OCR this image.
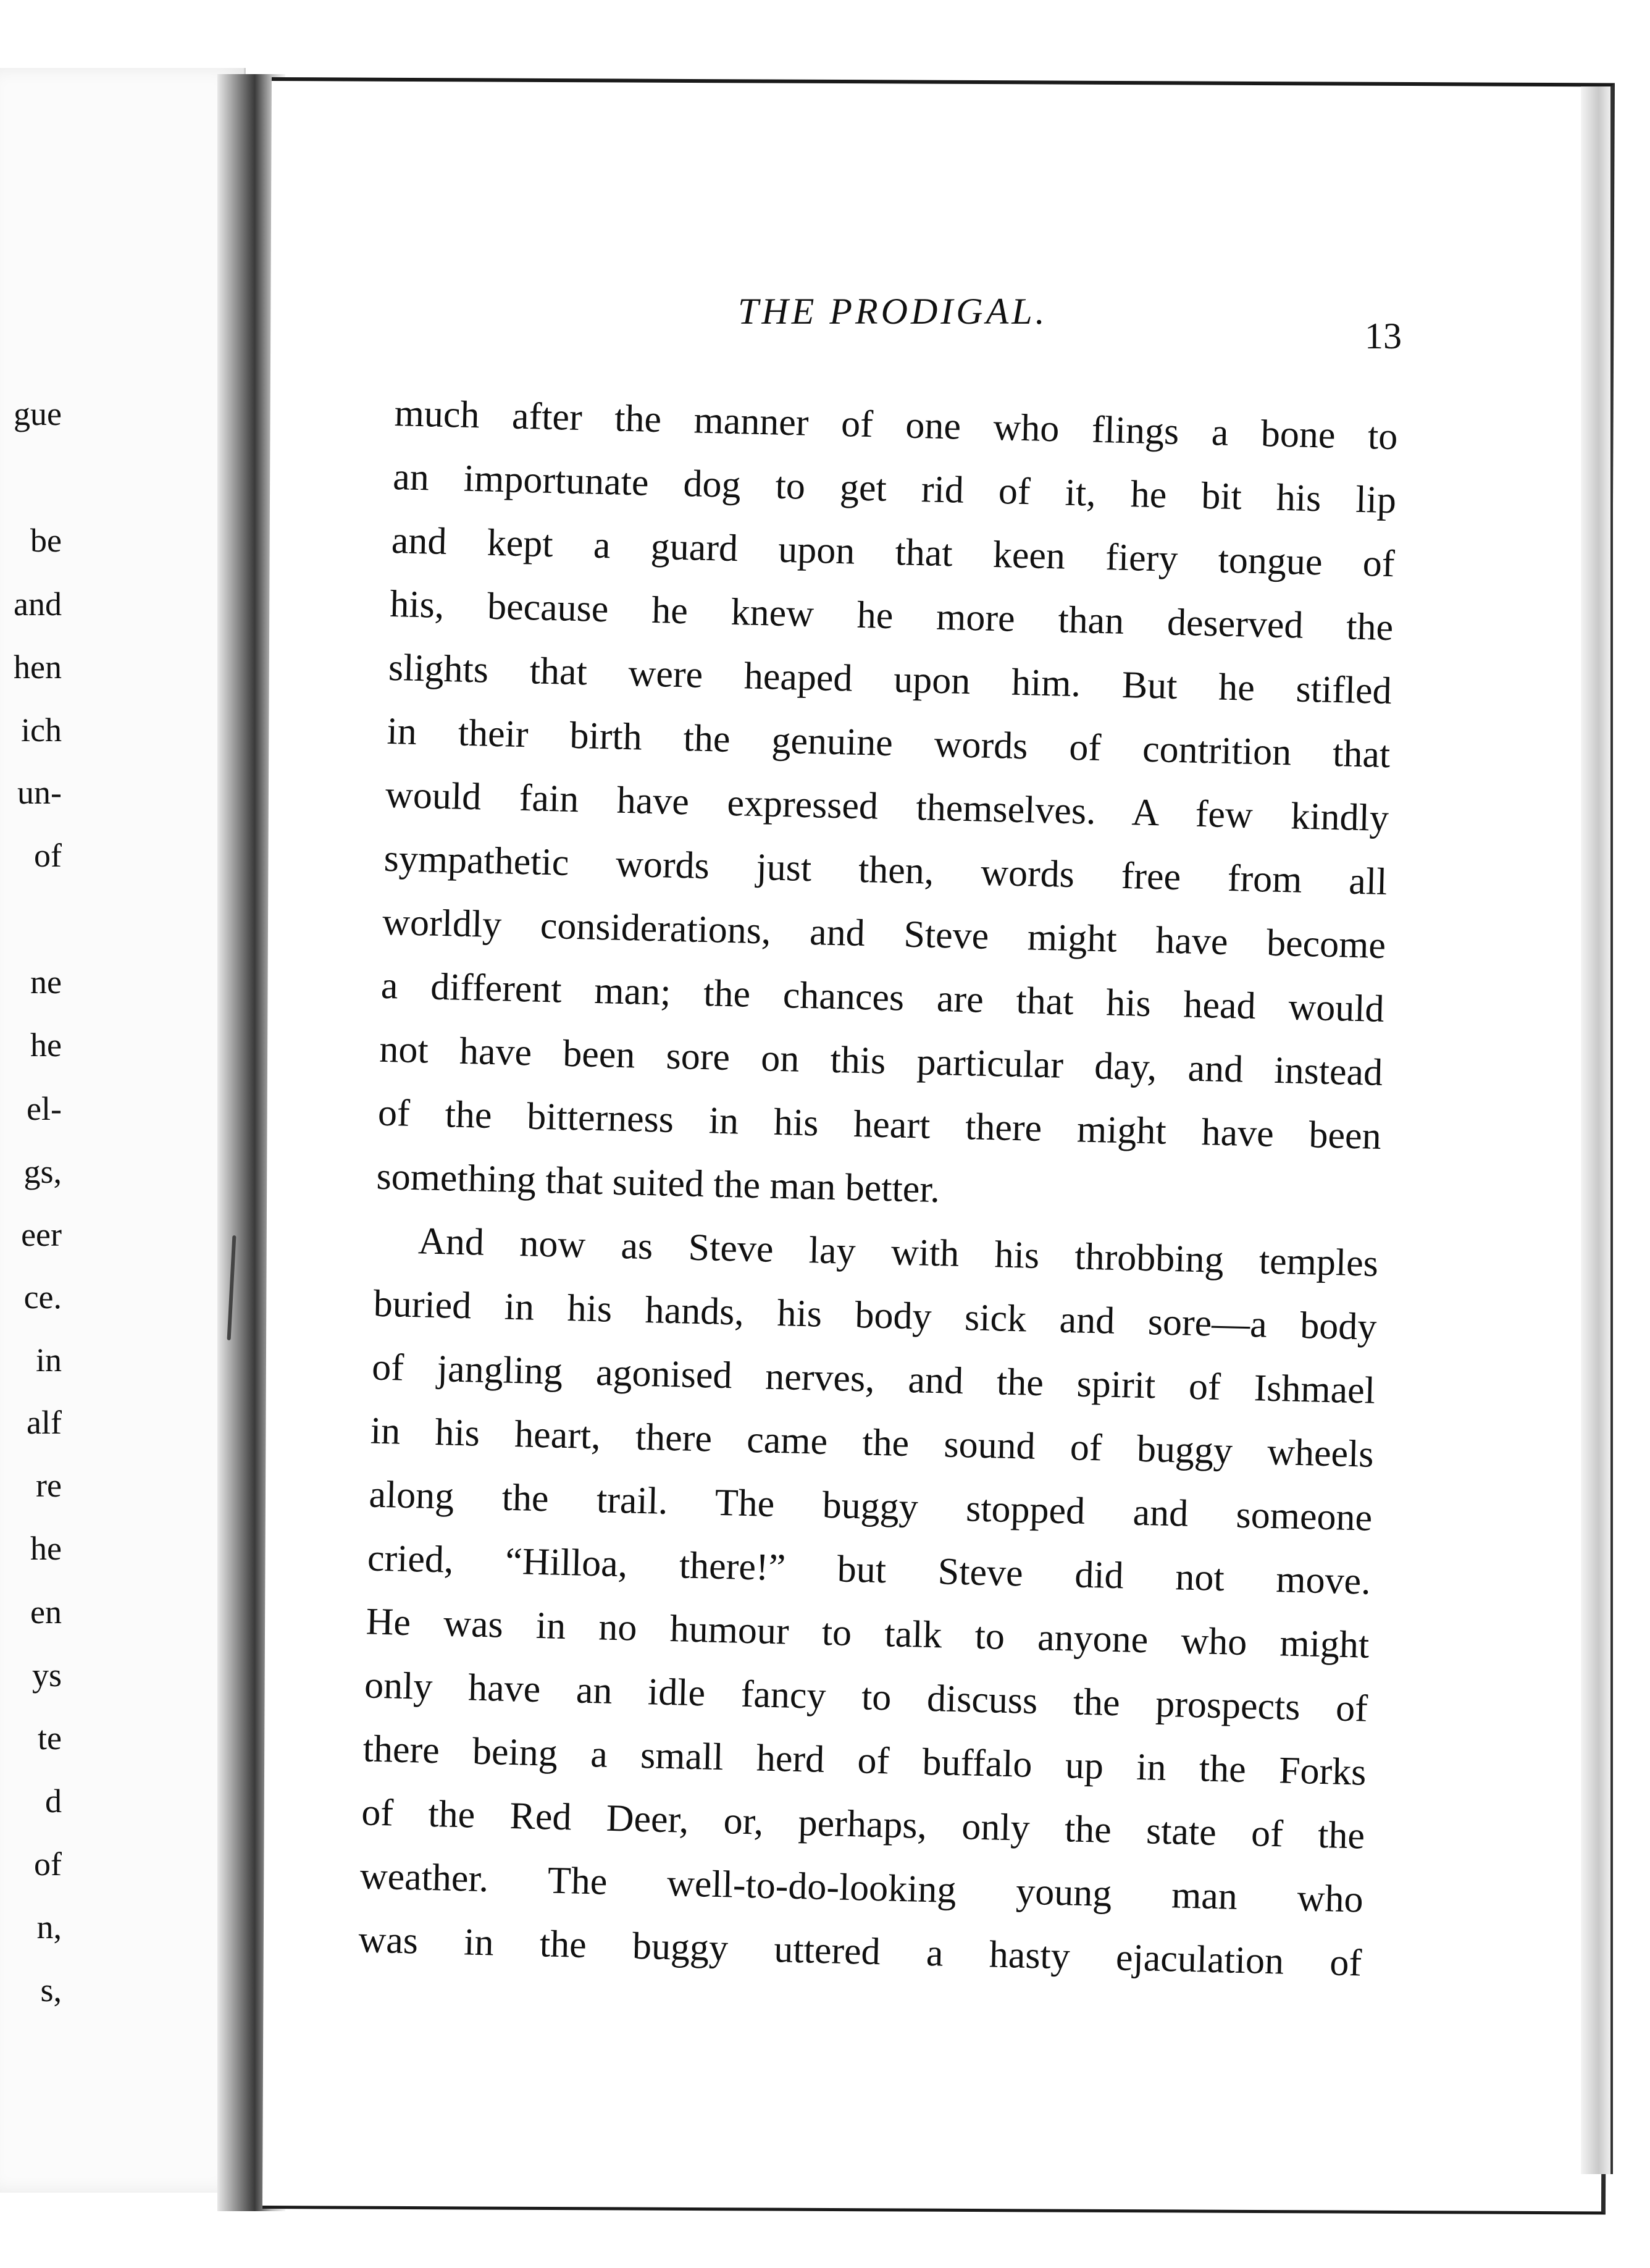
gue
be
and
hen
ich
un-
of
ne
he
el-
gs,
eer
ce.
in
alf
re
he
en
ys
te
d
of
n,
s,
THE PRODIGAL.
13
much after the manner of one who flings a bone to
an importunate dog to get rid of it, he bit his lip
and kept a guard upon that keen fiery tongue of
his, because he knew he more than deserved the
slights that were heaped upon him. But he stifled
in their birth the genuine words of contrition that
would fain have expressed themselves. A few kindly
sympathetic words just then, words free from all
worldly considerations, and Steve might have become
a different man; the chances are that his head would
not have been sore on this particular day, and instead
of the bitterness in his heart there might have been
something that suited the man better.
And now as Steve lay with his throbbing temples
buried in his hands, his body sick and sore—a body
of jangling agonised nerves, and the spirit of Ishmael
in his heart, there came the sound of buggy wheels
along the trail. The buggy stopped and someone
cried, “Hilloa, there!” but Steve did not move.
He was in no humour to talk to anyone who might
only have an idle fancy to discuss the prospects of
there being a small herd of buffalo up in the Forks
of the Red Deer, or, perhaps, only the state of the
weather. The well-to-do-looking young man who
was in the buggy uttered a hasty ejaculation of
